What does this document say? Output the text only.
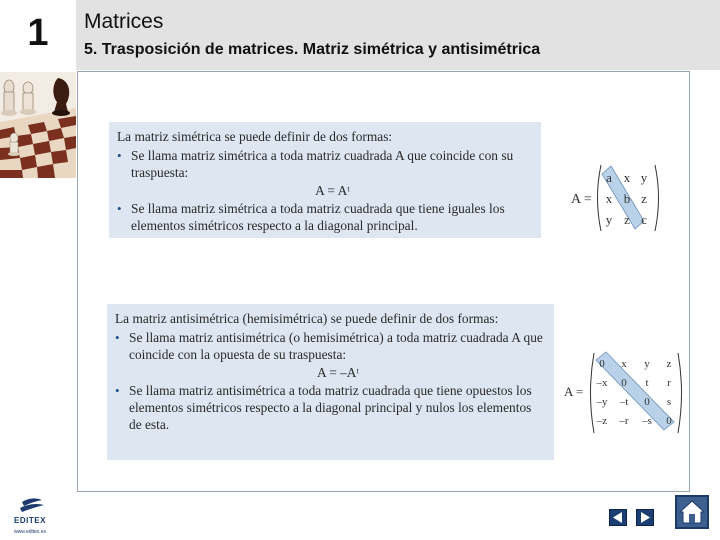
1	Matrices
5. Trasposición de matrices. Matriz simétrica y antisimétrica

La matriz simétrica se puede definir de dos formas:

• Se llama matriz simétrica a toda matriz cuadrada A que coincide con su traspuesta:
A = Aᵗ
• Se llama matriz simétrica a toda matriz cuadrada que tiene iguales los elementos simétricos respecto a la diagonal principal.
A =
a x y
x b z
y z c

La matriz antisimétrica (hemisimétrica) se puede definir de dos formas:

• Se llama matriz antisimétrica (o hemisimétrica) a toda matriz cuadrada A que coincide con la opuesta de su traspuesta:
A = –Aᵗ
• Se llama matriz antisimétrica a toda matriz cuadrada que tiene opuestos los elementos simétricos respecto a la diagonal principal y nulos los elementos de esta.
A =
0 x y z
–x 0 t r
–y –t 0 s
–z –r –s 0
EDITEX
www.editex.es
